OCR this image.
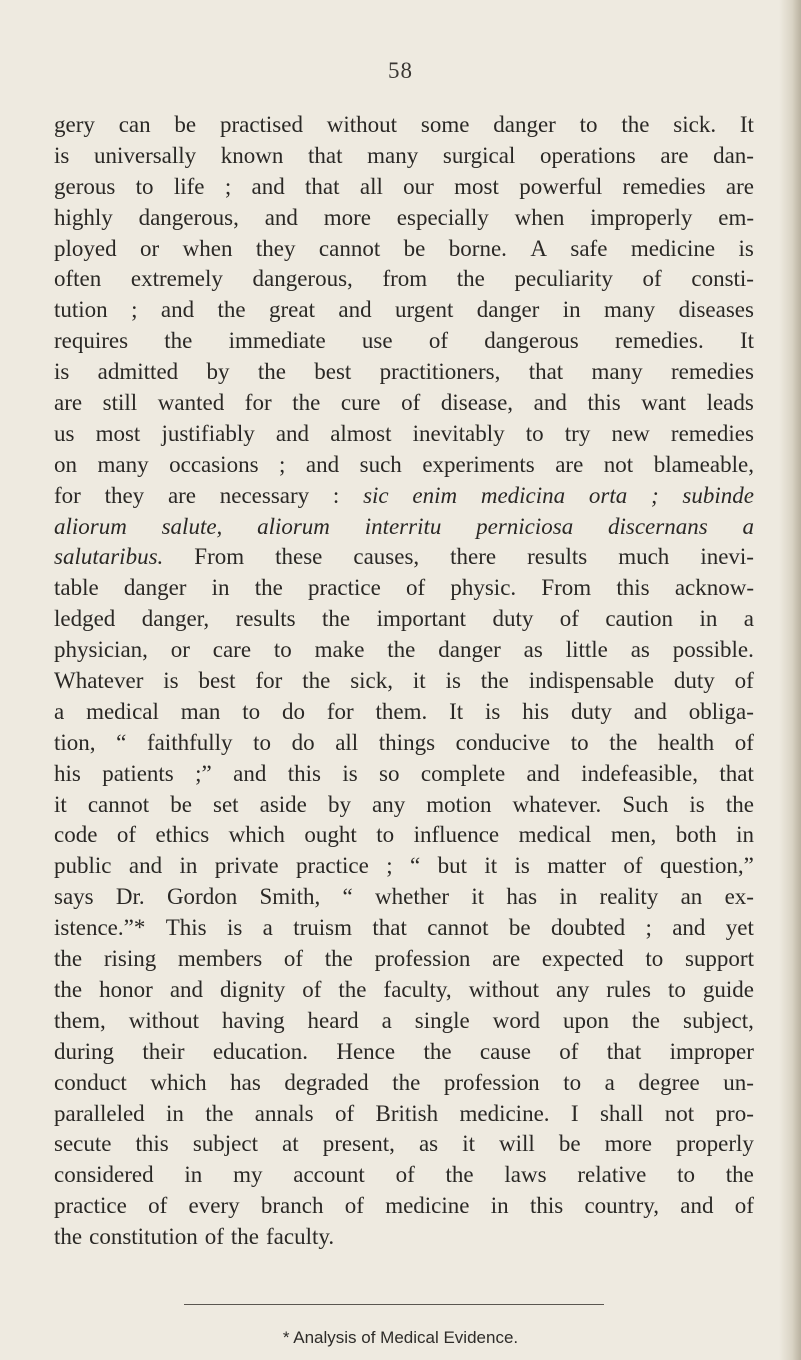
58
gery can be practised without some danger to the sick. It
is universally known that many surgical operations are dan-
gerous to life ; and that all our most powerful remedies are
highly dangerous, and more especially when improperly em-
ployed or when they cannot be borne. A safe medicine is
often extremely dangerous, from the peculiarity of consti-
tution ; and the great and urgent danger in many diseases
requires the immediate use of dangerous remedies. It
is admitted by the best practitioners, that many remedies
are still wanted for the cure of disease, and this want leads
us most justifiably and almost inevitably to try new remedies
on many occasions ; and such experiments are not blameable,
for they are necessary : sic enim medicina orta ; subinde
aliorum salute, aliorum interritu perniciosa discernans a
salutaribus. From these causes, there results much inevi-
table danger in the practice of physic. From this acknow-
ledged danger, results the important duty of caution in a
physician, or care to make the danger as little as possible.
Whatever is best for the sick, it is the indispensable duty of
a medical man to do for them. It is his duty and obliga-
tion, “ faithfully to do all things conducive to the health of
his patients ;” and this is so complete and indefeasible, that
it cannot be set aside by any motion whatever. Such is the
code of ethics which ought to influence medical men, both in
public and in private practice ; “ but it is matter of question,”
says Dr. Gordon Smith, “ whether it has in reality an ex-
istence.”* This is a truism that cannot be doubted ; and yet
the rising members of the profession are expected to support
the honor and dignity of the faculty, without any rules to guide
them, without having heard a single word upon the subject,
during their education. Hence the cause of that improper
conduct which has degraded the profession to a degree un-
paralleled in the annals of British medicine. I shall not pro-
secute this subject at present, as it will be more properly
considered in my account of the laws relative to the
practice of every branch of medicine in this country, and of
the constitution of the faculty.
* Analysis of Medical Evidence.
